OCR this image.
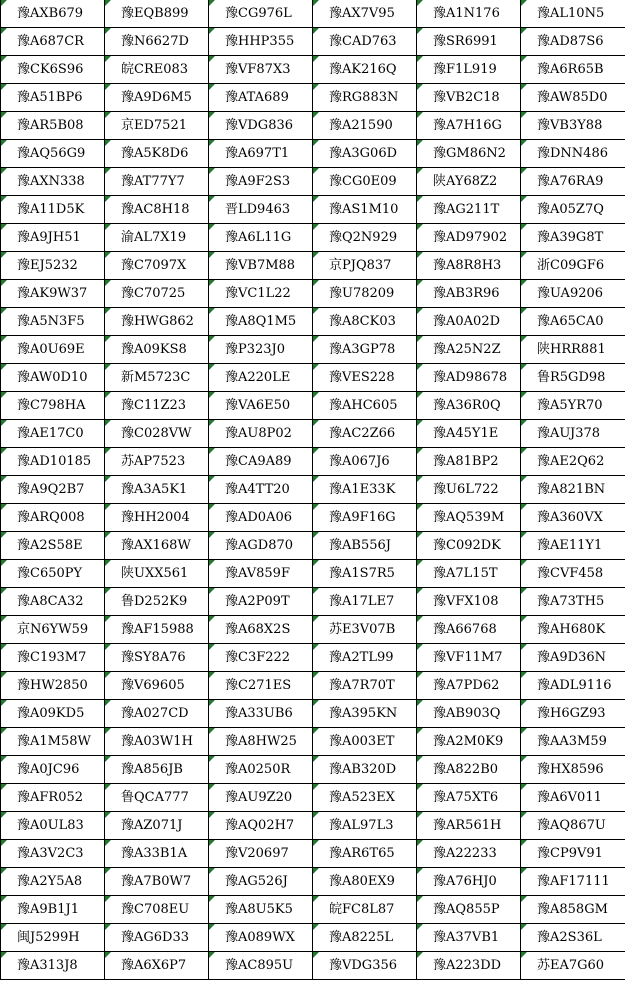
豫AXB679	豫EQB899	豫CG976L	豫AX7V95	豫A1N176	豫AL10N5

豫A687CR	豫N6627D	豫HHP355	豫CAD763	豫SR6991	豫AD87S6

豫CK6S96	皖CRE083	豫VF87X3	豫AK216Q	豫F1L919	豫A6R65B

豫A51BP6	豫A9D6M5	豫ATA689	豫RG883N	豫VB2C18	豫AW85D0

豫AR5B08	京ED7521	豫VDG836	豫A21590	豫A7H16G	豫VB3Y88

豫AQ56G9	豫A5K8D6	豫A697T1	豫A3G06D	豫GM86N2	豫DNN486

豫AXN338	豫AT77Y7	豫A9F2S3	豫CG0E09	陕AY68Z2	豫A76RA9

豫A11D5K	豫AC8H18	晋LD9463	豫AS1M10	豫AG211T	豫A05Z7Q

豫A9JH51	渝AL7X19	豫A6L11G	豫Q2N929	豫AD97902	豫A39G8T

豫EJ5232	豫C7097X	豫VB7M88	京PJQ837	豫A8R8H3	浙C09GF6

豫AK9W37	豫C70725	豫VC1L22	豫U78209	豫AB3R96	豫UA9206

豫A5N3F5	豫HWG862	豫A8Q1M5	豫A8CK03	豫A0A02D	豫A65CA0

豫A0U69E	豫A09KS8	豫P323J0	豫A3GP78	豫A25N2Z	陕HRR881

豫AW0D10	新M5723C	豫A220LE	豫VES228	豫AD98678	鲁R5GD98

豫C798HA	豫C11Z23	豫VA6E50	豫AHC605	豫A36R0Q	豫A5YR70

豫AE17C0	豫C028VW	豫AU8P02	豫AC2Z66	豫A45Y1E	豫AUJ378

豫AD10185	苏AP7523	豫CA9A89	豫A067J6	豫A81BP2	豫AE2Q62

豫A9Q2B7	豫A3A5K1	豫A4TT20	豫A1E33K	豫U6L722	豫A821BN

豫ARQ008	豫HH2004	豫AD0A06	豫A9F16G	豫AQ539M	豫A360VX

豫A2S58E	豫AX168W	豫AGD870	豫AB556J	豫C092DK	豫AE11Y1

豫C650PY	陕UXX561	豫AV859F	豫A1S7R5	豫A7L15T	豫CVF458

豫A8CA32	鲁D252K9	豫A2P09T	豫A17LE7	豫VFX108	豫A73TH5

京N6YW59	豫AF15988	豫A68X2S	苏E3V07B	豫A66768	豫AH680K

豫C193M7	豫SY8A76	豫C3F222	豫A2TL99	豫VF11M7	豫A9D36N

豫HW2850	豫V69605	豫C271ES	豫A7R70T	豫A7PD62	豫ADL9116

豫A09KD5	豫A027CD	豫A33UB6	豫A395KN	豫AB903Q	豫H6GZ93

豫A1M58W	豫A03W1H	豫A8HW25	豫A003ET	豫A2M0K9	豫AA3M59

豫A0JC96	豫A856JB	豫A0250R	豫AB320D	豫A822B0	豫HX8596

豫AFR052	鲁QCA777	豫AU9Z20	豫A523EX	豫A75XT6	豫A6V011

豫A0UL83	豫AZ071J	豫AQ02H7	豫AL97L3	豫AR561H	豫AQ867U

豫A3V2C3	豫A33B1A	豫V20697	豫AR6T65	豫A22233	豫CP9V91

豫A2Y5A8	豫A7B0W7	豫AG526J	豫A80EX9	豫A76HJ0	豫AF17111

豫A9B1J1	豫C708EU	豫A8U5K5	皖FC8L87	豫AQ855P	豫A858GM

闽J5299H	豫AG6D33	豫A089WX	豫A8225L	豫A37VB1	豫A2S36L

豫A313J8	豫A6X6P7	豫AC895U	豫VDG356	豫A223DD	苏EA7G60
